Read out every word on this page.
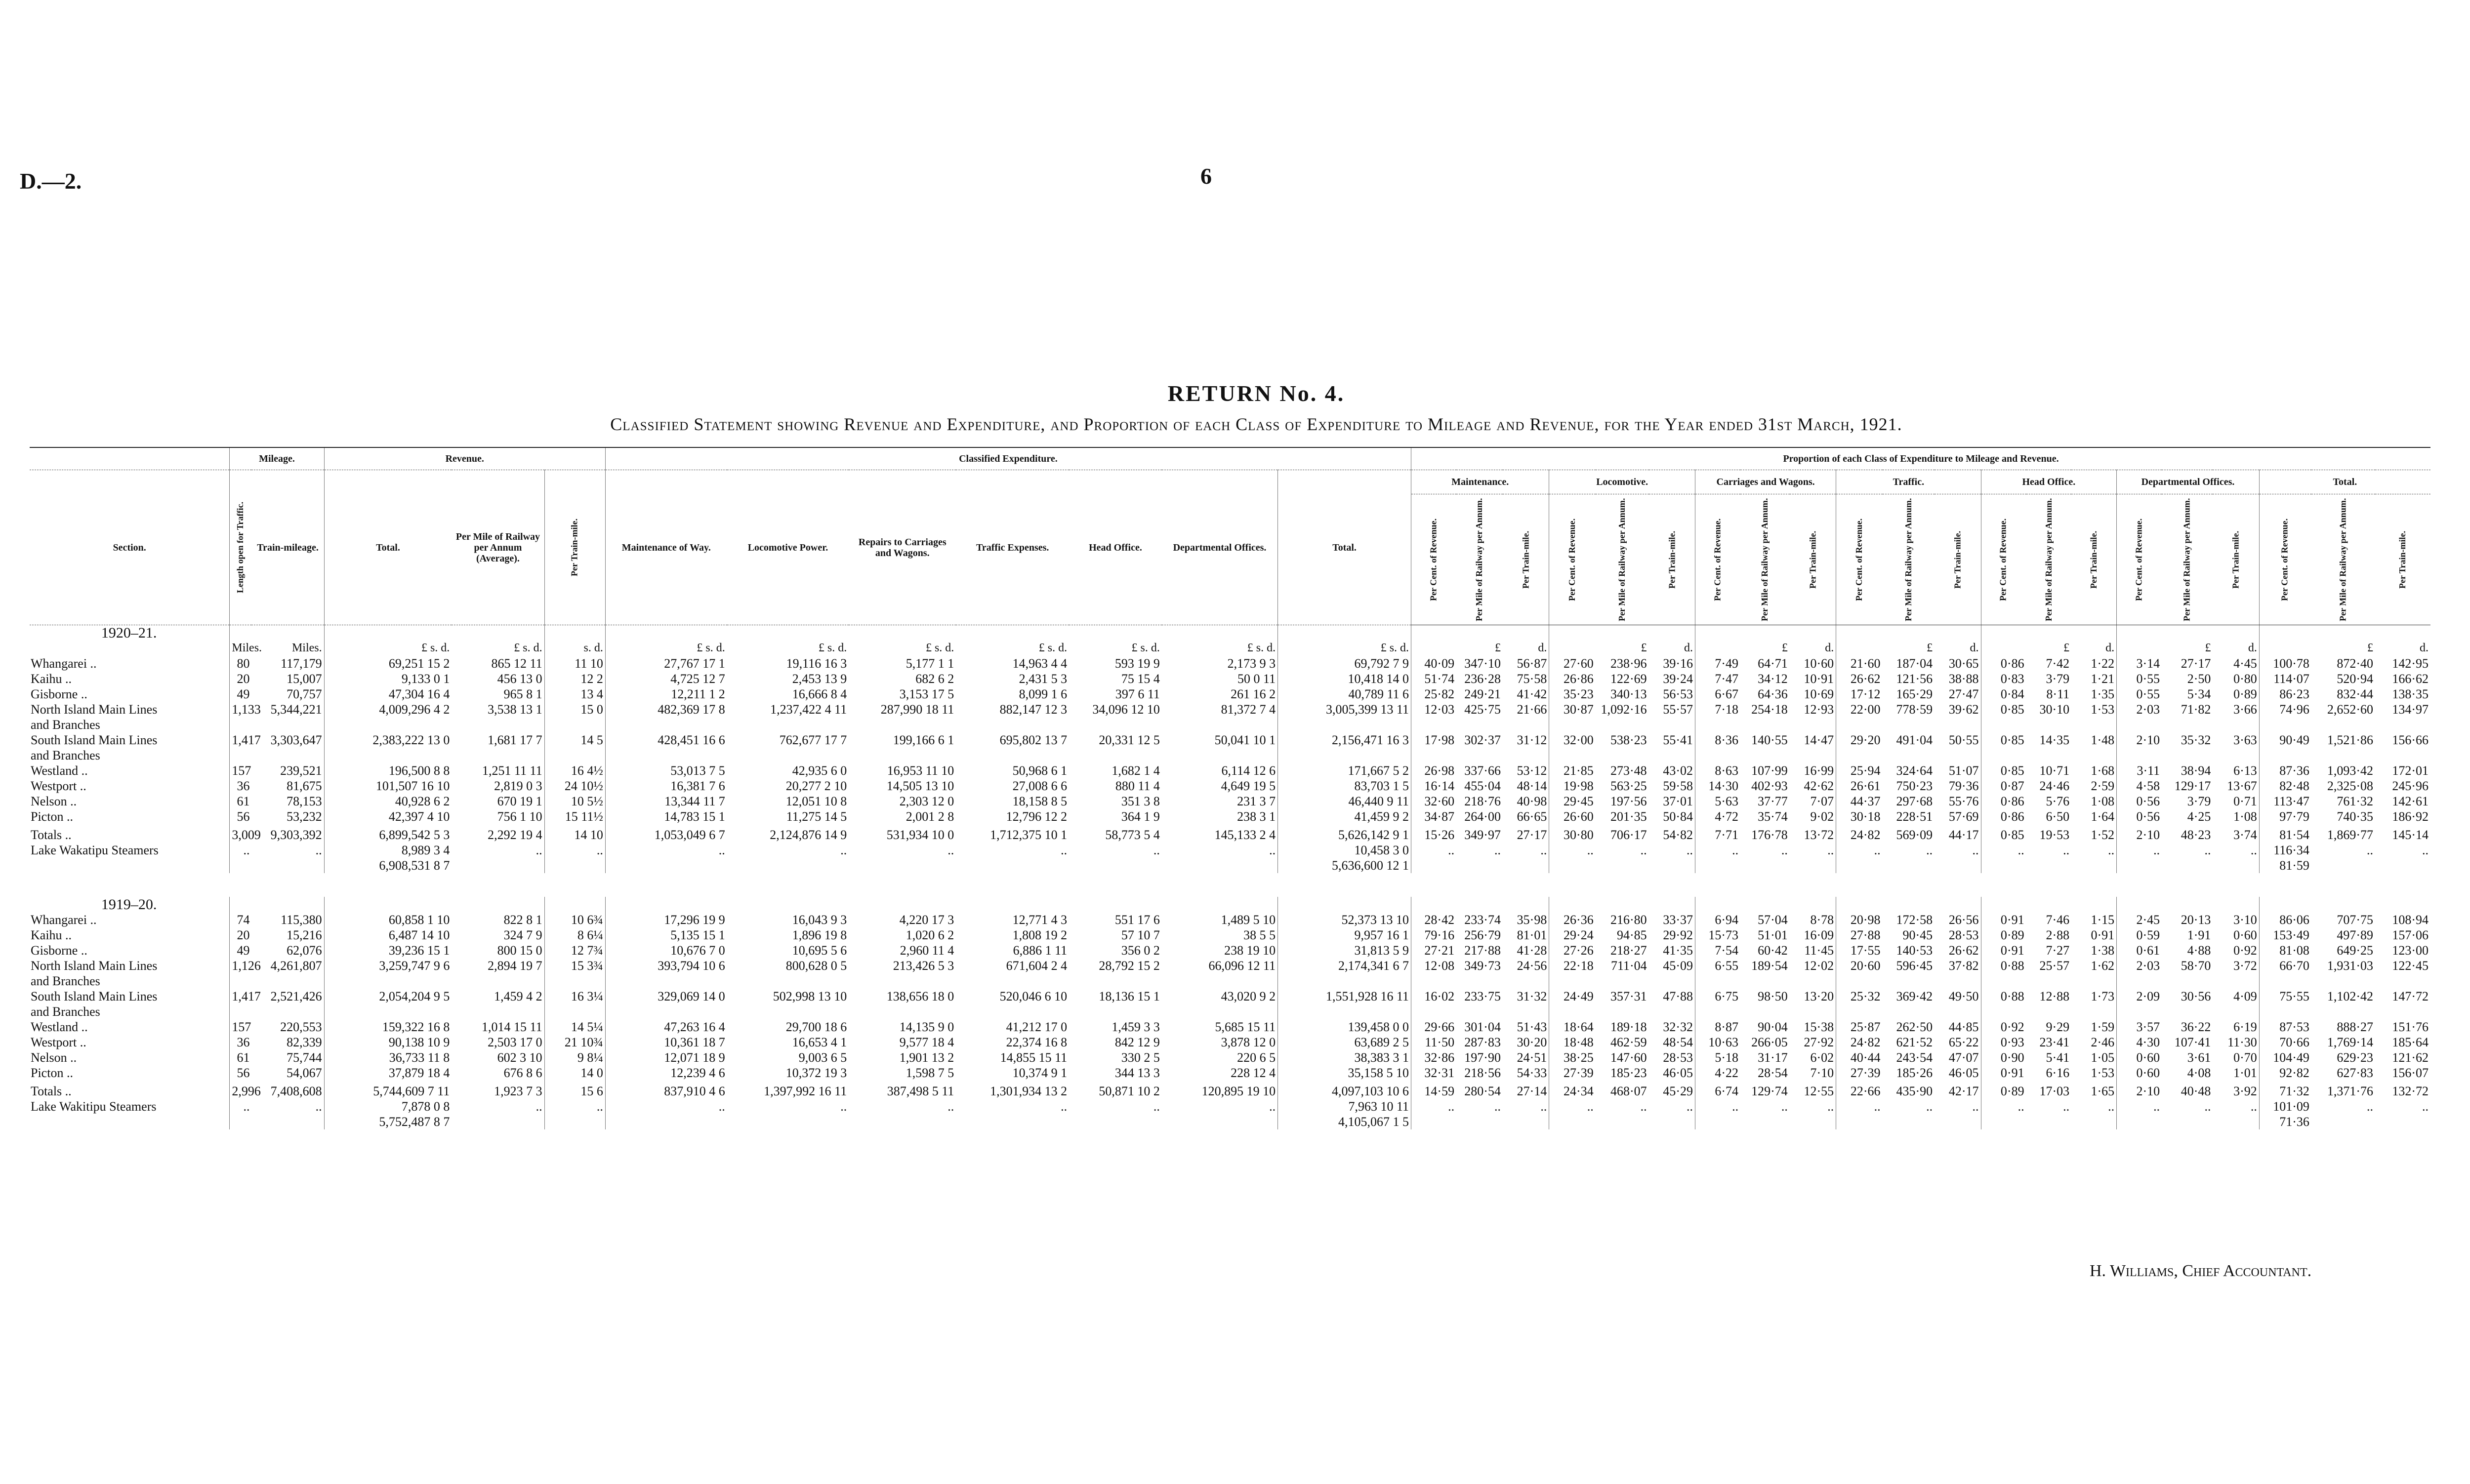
D.—2.	6
RETURN No. 4.
Classified Statement showing Revenue and Expenditure, and Proportion of each Class of Expenditure to Mileage and Revenue, for the Year ended 31st March, 1921.
	Mileage.		Revenue.			Classified Expenditure.							Proportion of each Class of Expenditure to Mileage and Revenue.																				
Section.	Length open for Traffic.	Train-mileage.	Total.	Per Mile of Railway per Annum (Average).	Per Train-mile.	Maintenance of Way.	Locomotive Power.	Repairs to Carriages and Wagons.	Traffic Expenses.	Head Office.	Departmental Offices.	Total.	Maintenance.			Locomotive.			Carriages and Wagons.			Traffic.			Head Office.			Departmental Offices.			Total.		
													Per Cent. of Revenue.	Per Mile of Railway per Annum.	Per Train-mile.	Per Cent. of Revenue.	Per Mile of Railway per Annum.	Per Train-mile.	Per Cent. of Revenue.	Per Mile of Railway per Annum.	Per Train-mile.	Per Cent. of Revenue.	Per Mile of Railway per Annum.	Per Train-mile.	Per Cent. of Revenue.	Per Mile of Railway per Annum.	Per Train-mile.	Per Cent. of Revenue.	Per Mile of Railway per Annum.	Per Train-mile.	Per Cent. of Revenue.	Per Mile of Railway per Annum.	Per Train-mile.
1920–21.																																	
	Miles.	Miles.	£ s. d.	£ s. d.	s. d.	£ s. d.	£ s. d.	£ s. d.	£ s. d.	£ s. d.	£ s. d.	£ s. d.		£	d.		£	d.		£	d.		£	d.		£	d.		£	d.		£	d.
Whangarei ..	80	117,179	69,251 15 2	865 12 11	11 10	27,767 17 1	19,116 16 3	5,177 1 1	14,963 4 4	593 19 9	2,173 9 3	69,792 7 9	40·09	347·10	56·87	27·60	238·96	39·16	7·49	64·71	10·60	21·60	187·04	30·65	0·86	7·42	1·22	3·14	27·17	4·45	100·78	872·40	142·95
Kaihu ..	20	15,007	9,133 0 1	456 13 0	12 2	4,725 12 7	2,453 13 9	682 6 2	2,431 5 3	75 15 4	50 0 11	10,418 14 0	51·74	236·28	75·58	26·86	122·69	39·24	7·47	34·12	10·91	26·62	121·56	38·88	0·83	3·79	1·21	0·55	2·50	0·80	114·07	520·94	166·62
Gisborne ..	49	70,757	47,304 16 4	965 8 1	13 4	12,211 1 2	16,666 8 4	3,153 17 5	8,099 1 6	397 6 11	261 16 2	40,789 11 6	25·82	249·21	41·42	35·23	340·13	56·53	6·67	64·36	10·69	17·12	165·29	27·47	0·84	8·11	1·35	0·55	5·34	0·89	86·23	832·44	138·35
North Island Main Lines	1,133	5,344,221	4,009,296 4 2	3,538 13 1	15 0	482,369 17 8	1,237,422 4 11	287,990 18 11	882,147 12 3	34,096 12 10	81,372 7 4	3,005,399 13 11	12·03	425·75	21·66	30·87	1,092·16	55·57	7·18	254·18	12·93	22·00	778·59	39·62	0·85	30·10	1·53	2·03	71·82	3·66	74·96	2,652·60	134·97
and Branches																																	
South Island Main Lines	1,417	3,303,647	2,383,222 13 0	1,681 17 7	14 5	428,451 16 6	762,677 17 7	199,166 6 1	695,802 13 7	20,331 12 5	50,041 10 1	2,156,471 16 3	17·98	302·37	31·12	32·00	538·23	55·41	8·36	140·55	14·47	29·20	491·04	50·55	0·85	14·35	1·48	2·10	35·32	3·63	90·49	1,521·86	156·66
and Branches																																	
Westland ..	157	239,521	196,500 8 8	1,251 11 11	16 4½	53,013 7 5	42,935 6 0	16,953 11 10	50,968 6 1	1,682 1 4	6,114 12 6	171,667 5 2	26·98	337·66	53·12	21·85	273·48	43·02	8·63	107·99	16·99	25·94	324·64	51·07	0·85	10·71	1·68	3·11	38·94	6·13	87·36	1,093·42	172·01
Westport ..	36	81,675	101,507 16 10	2,819 0 3	24 10½	16,381 7 6	20,277 2 10	14,505 13 10	27,008 6 6	880 11 4	4,649 19 5	83,703 1 5	16·14	455·04	48·14	19·98	563·25	59·58	14·30	402·93	42·62	26·61	750·23	79·36	0·87	24·46	2·59	4·58	129·17	13·67	82·48	2,325·08	245·96
Nelson ..	61	78,153	40,928 6 2	670 19 1	10 5½	13,344 11 7	12,051 10 8	2,303 12 0	18,158 8 5	351 3 8	231 3 7	46,440 9 11	32·60	218·76	40·98	29·45	197·56	37·01	5·63	37·77	7·07	44·37	297·68	55·76	0·86	5·76	1·08	0·56	3·79	0·71	113·47	761·32	142·61
Picton ..	56	53,232	42,397 4 10	756 1 10	15 11½	14,783 15 1	11,275 14 5	2,001 2 8	12,796 12 2	364 1 9	238 3 1	41,459 9 2	34·87	264·00	66·65	26·60	201·35	50·84	4·72	35·74	9·02	30·18	228·51	57·69	0·86	6·50	1·64	0·56	4·25	1·08	97·79	740·35	186·92
Totals ..	3,009	9,303,392	6,899,542 5 3	2,292 19 4	14 10	1,053,049 6 7	2,124,876 14 9	531,934 10 0	1,712,375 10 1	58,773 5 4	145,133 2 4	5,626,142 9 1	15·26	349·97	27·17	30·80	706·17	54·82	7·71	176·78	13·72	24·82	569·09	44·17	0·85	19·53	1·52	2·10	48·23	3·74	81·54	1,869·77	145·14
Lake Wakatipu Steamers	..	..	8,989 3 4	..	..	..	..	..	..	..	..	10,458 3 0	..	..	..	..	..	..	..	..	..	..	..	..	..	..	..	..	..	..	116·34	..	..
			6,908,531 8 7									5,636,600 12 1																			81·59		

1919–20.																																	
Whangarei ..	74	115,380	60,858 1 10	822 8 1	10 6¾	17,296 19 9	16,043 9 3	4,220 17 3	12,771 4 3	551 17 6	1,489 5 10	52,373 13 10	28·42	233·74	35·98	26·36	216·80	33·37	6·94	57·04	8·78	20·98	172·58	26·56	0·91	7·46	1·15	2·45	20·13	3·10	86·06	707·75	108·94
Kaihu ..	20	15,216	6,487 14 10	324 7 9	8 6¼	5,135 15 1	1,896 19 8	1,020 6 2	1,808 19 2	57 10 7	38 5 5	9,957 16 1	79·16	256·79	81·01	29·24	94·85	29·92	15·73	51·01	16·09	27·88	90·45	28·53	0·89	2·88	0·91	0·59	1·91	0·60	153·49	497·89	157·06
Gisborne ..	49	62,076	39,236 15 1	800 15 0	12 7¾	10,676 7 0	10,695 5 6	2,960 11 4	6,886 1 11	356 0 2	238 19 10	31,813 5 9	27·21	217·88	41·28	27·26	218·27	41·35	7·54	60·42	11·45	17·55	140·53	26·62	0·91	7·27	1·38	0·61	4·88	0·92	81·08	649·25	123·00
North Island Main Lines	1,126	4,261,807	3,259,747 9 6	2,894 19 7	15 3¾	393,794 10 6	800,628 0 5	213,426 5 3	671,604 2 4	28,792 15 2	66,096 12 11	2,174,341 6 7	12·08	349·73	24·56	22·18	711·04	45·09	6·55	189·54	12·02	20·60	596·45	37·82	0·88	25·57	1·62	2·03	58·70	3·72	66·70	1,931·03	122·45
and Branches																																	
South Island Main Lines	1,417	2,521,426	2,054,204 9 5	1,459 4 2	16 3¼	329,069 14 0	502,998 13 10	138,656 18 0	520,046 6 10	18,136 15 1	43,020 9 2	1,551,928 16 11	16·02	233·75	31·32	24·49	357·31	47·88	6·75	98·50	13·20	25·32	369·42	49·50	0·88	12·88	1·73	2·09	30·56	4·09	75·55	1,102·42	147·72
and Branches																																	
Westland ..	157	220,553	159,322 16 8	1,014 15 11	14 5¼	47,263 16 4	29,700 18 6	14,135 9 0	41,212 17 0	1,459 3 3	5,685 15 11	139,458 0 0	29·66	301·04	51·43	18·64	189·18	32·32	8·87	90·04	15·38	25·87	262·50	44·85	0·92	9·29	1·59	3·57	36·22	6·19	87·53	888·27	151·76
Westport ..	36	82,339	90,138 10 9	2,503 17 0	21 10¾	10,361 18 7	16,653 4 1	9,577 18 4	22,374 16 8	842 12 9	3,878 12 0	63,689 2 5	11·50	287·83	30·20	18·48	462·59	48·54	10·63	266·05	27·92	24·82	621·52	65·22	0·93	23·41	2·46	4·30	107·41	11·30	70·66	1,769·14	185·64
Nelson ..	61	75,744	36,733 11 8	602 3 10	9 8¼	12,071 18 9	9,003 6 5	1,901 13 2	14,855 15 11	330 2 5	220 6 5	38,383 3 1	32·86	197·90	24·51	38·25	147·60	28·53	5·18	31·17	6·02	40·44	243·54	47·07	0·90	5·41	1·05	0·60	3·61	0·70	104·49	629·23	121·62
Picton ..	56	54,067	37,879 18 4	676 8 6	14 0	12,239 4 6	10,372 19 3	1,598 7 5	10,374 9 1	344 13 3	228 12 4	35,158 5 10	32·31	218·56	54·33	27·39	185·23	46·05	4·22	28·54	7·10	27·39	185·26	46·05	0·91	6·16	1·53	0·60	4·08	1·01	92·82	627·83	156·07
Totals ..	2,996	7,408,608	5,744,609 7 11	1,923 7 3	15 6	837,910 4 6	1,397,992 16 11	387,498 5 11	1,301,934 13 2	50,871 10 2	120,895 19 10	4,097,103 10 6	14·59	280·54	27·14	24·34	468·07	45·29	6·74	129·74	12·55	22·66	435·90	42·17	0·89	17·03	1·65	2·10	40·48	3·92	71·32	1,371·76	132·72
Lake Wakitipu Steamers	..	..	7,878 0 8	..	..	..	..	..	..	..	..	7,963 10 11	..	..	..	..	..	..	..	..	..	..	..	..	..	..	..	..	..	..	101·09	..	..
			5,752,487 8 7									4,105,067 1 5																			71·36		
H. Williams, Chief Accountant.
